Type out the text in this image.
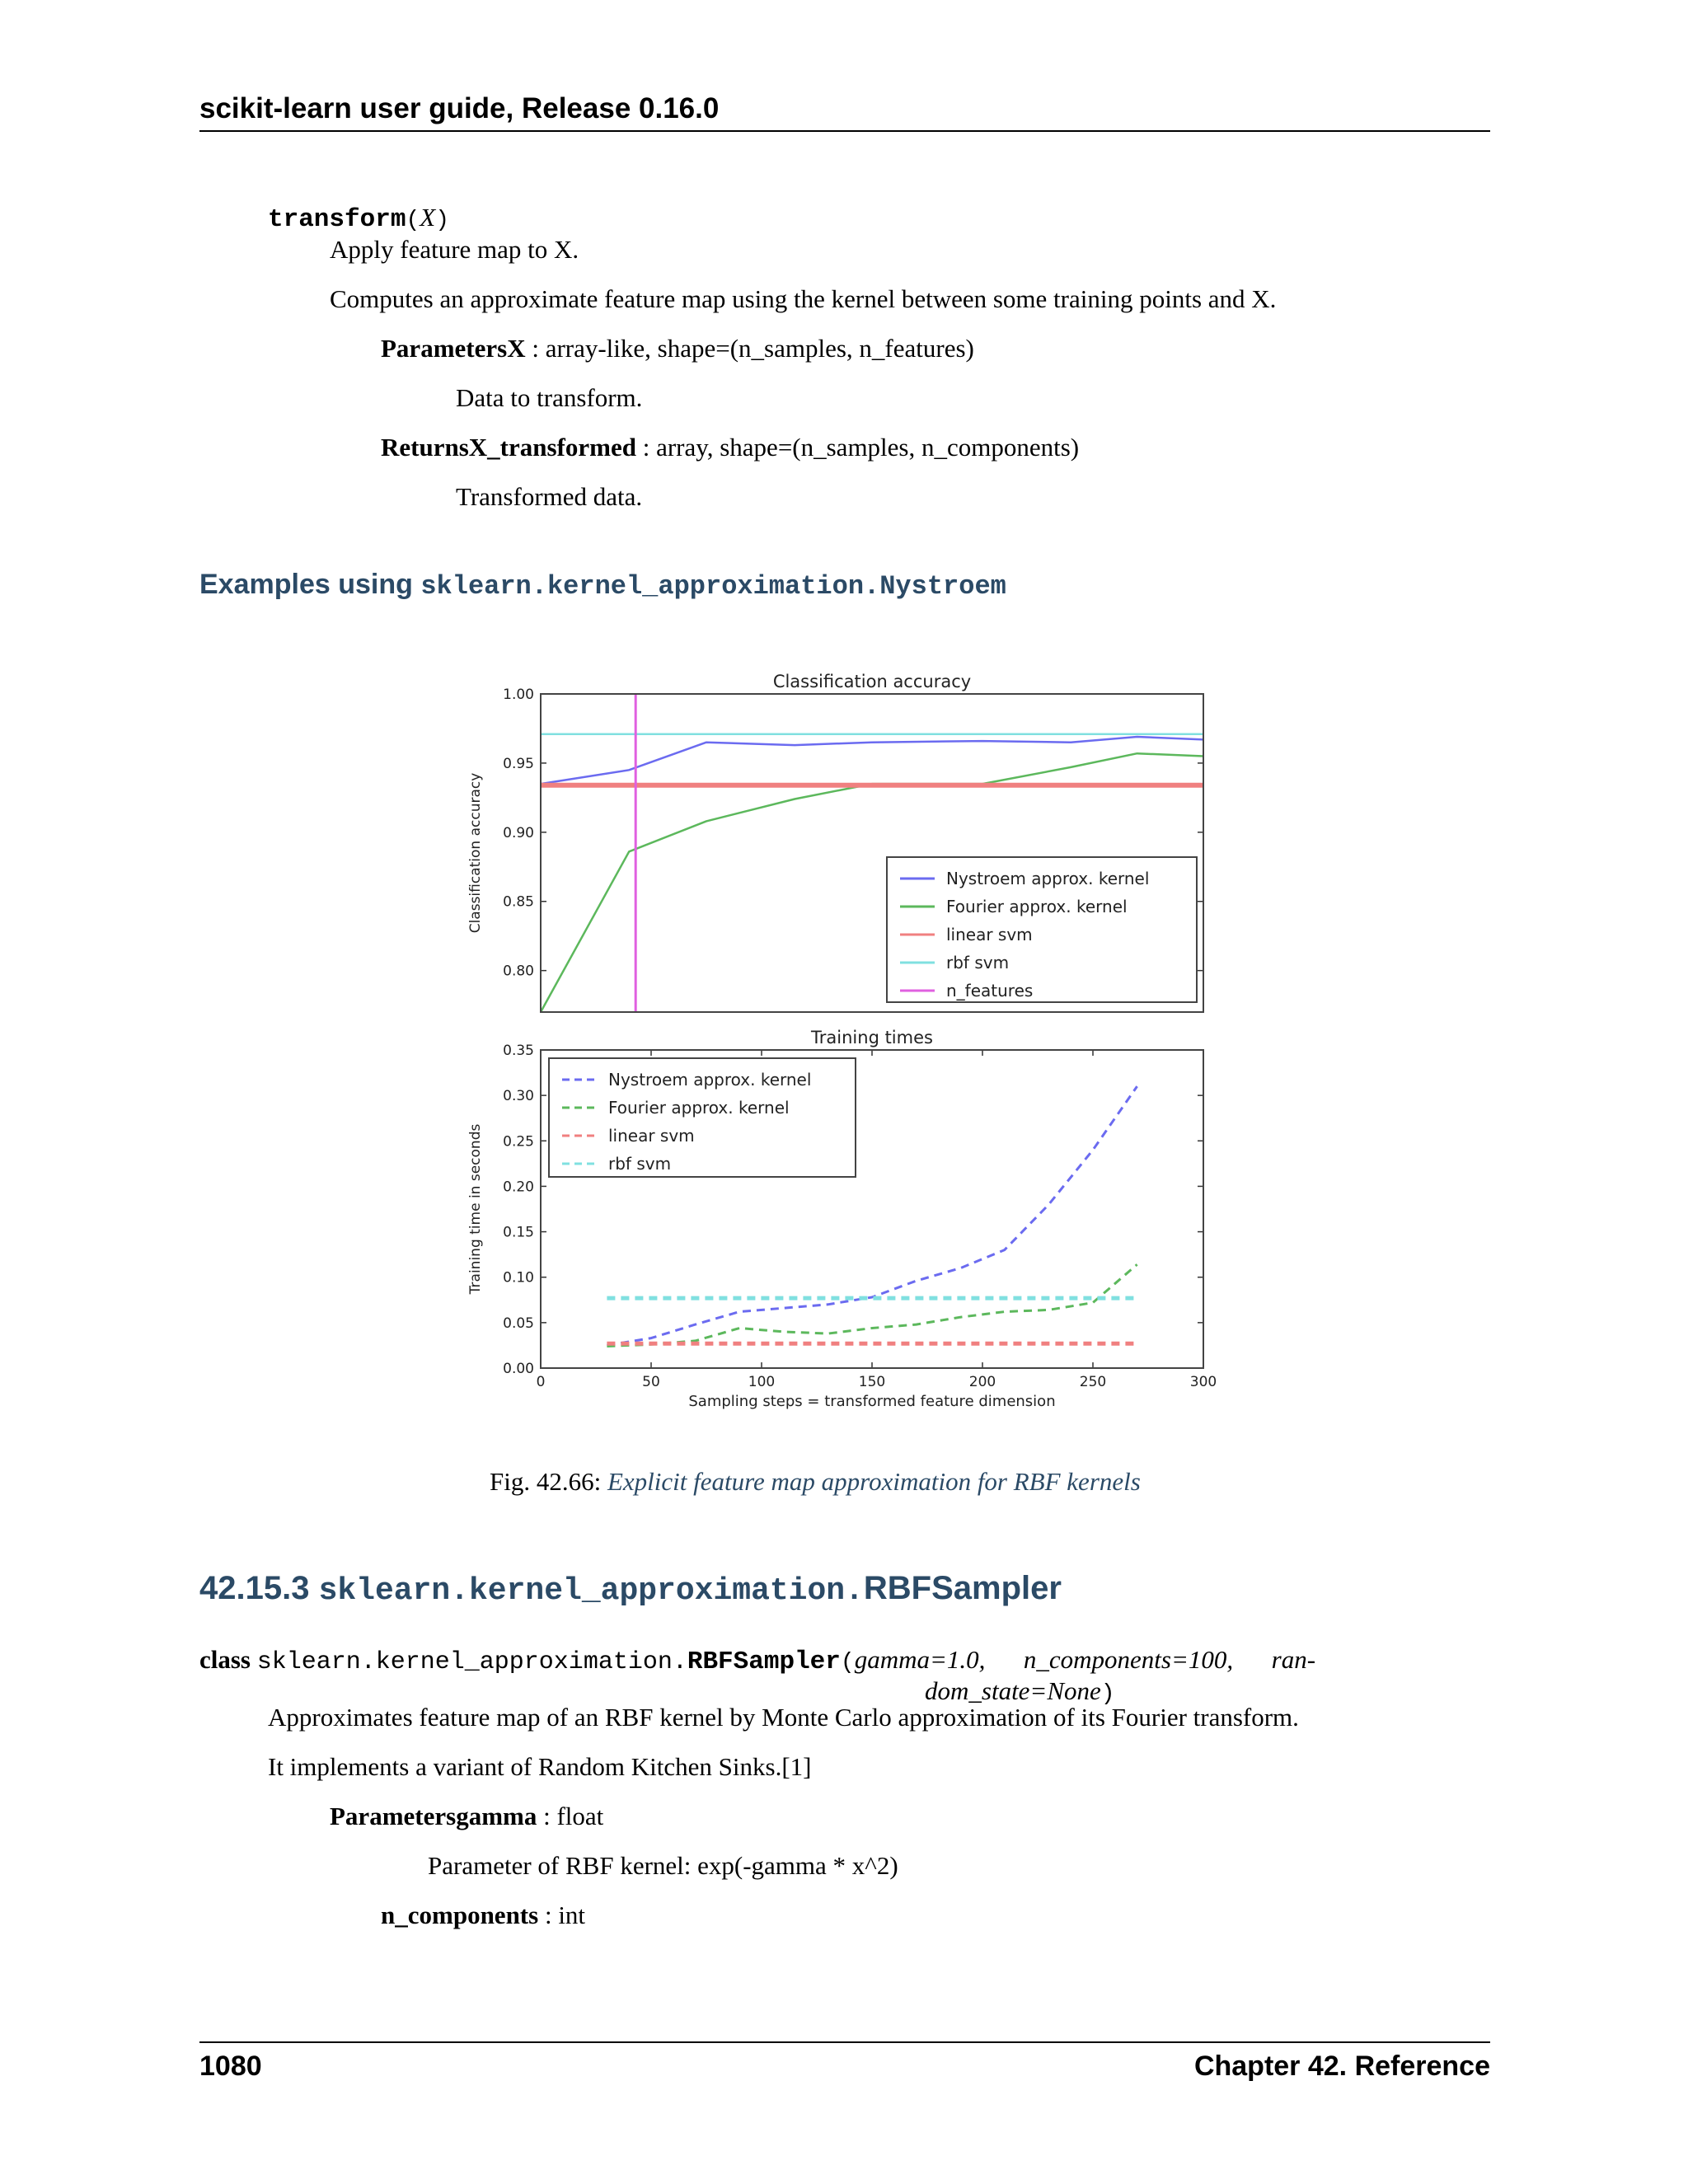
scikit-learn user guide, Release 0.16.0
transform(X)
Apply feature map to X.
Computes an approximate feature map using the kernel between some training points and X.
ParametersX : array-like, shape=(n_samples, n_features)
Data to transform.
ReturnsX_transformed : array, shape=(n_samples, n_components)
Transformed data.
Examples using sklearn.kernel_approximation.Nystroem
Classification accuracy
Classification accuracy
0.80
0.85
0.90
0.95
1.00
Nystroem approx. kernel
Fourier approx. kernel
linear svm
rbf svm
n_features
Training times
Training time in seconds
0.00
0.05
0.10
0.15
0.20
0.25
0.30
0.35
0	50	100	150	200	250	300
Sampling steps = transformed feature dimension
Nystroem approx. kernel
Fourier approx. kernel
linear svm
rbf svm
Fig. 42.66: Explicit feature map approximation for RBF kernels
42.15.3 sklearn.kernel_approximation.RBFSampler
class sklearn.kernel_approximation.RBFSampler(gamma=1.0,      n_components=100,      ran-
dom_state=None)
Approximates feature map of an RBF kernel by Monte Carlo approximation of its Fourier transform.
It implements a variant of Random Kitchen Sinks.[1]
Parametersgamma : float
Parameter of RBF kernel: exp(-gamma * x^2)
n_components : int
1080	Chapter 42. Reference
